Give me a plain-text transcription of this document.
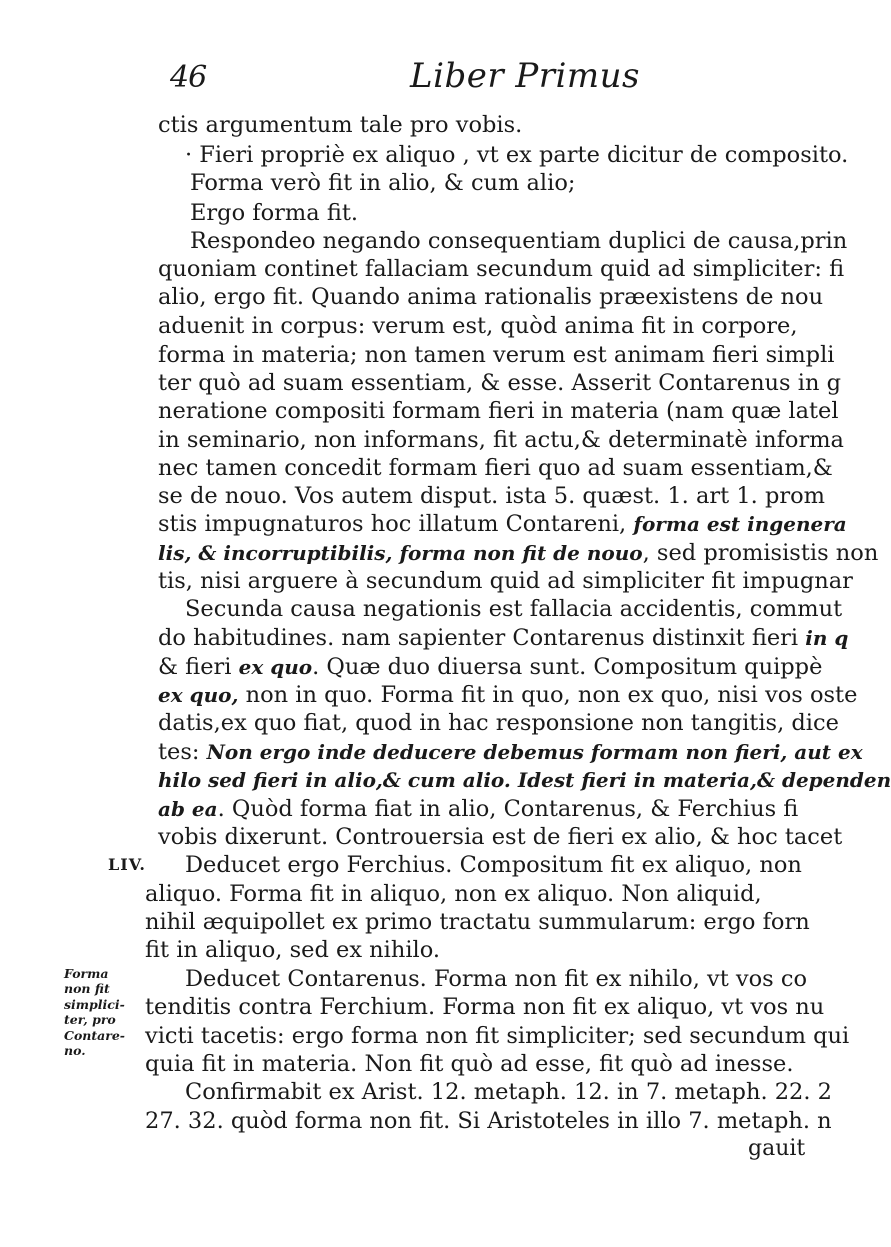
46	Liber Primus
ctis argumentum tale pro vobis.
· Fieri propriè ex aliquo , vt ex parte dicitur de composito.
Forma verò fit in alio, & cum alio;
Ergo forma fit.
Respondeo negando consequentiam duplici de causa,prin
quoniam continet fallaciam secundum quid ad simpliciter: fi
alio, ergo fit. Quando anima rationalis præexistens de nou
aduenit in corpus: verum est, quòd anima fit in corpore,
forma in materia; non tamen verum est animam fieri simpli
ter quò ad suam essentiam, & esse. Asserit Contarenus in g
neratione compositi formam fieri in materia (nam quæ latel
in seminario, non informans, fit actu,& determinatè informa
nec tamen concedit formam fieri quo ad suam essentiam,&
se de nouo. Vos autem disput. ista 5. quæst. 1. art 1. prom
stis impugnaturos hoc illatum Contareni, forma est ingenera
lis, & incorruptibilis, forma non fit de nouo, sed promisistis non
tis, nisi arguere à secundum quid ad simpliciter fit impugnar
Secunda causa negationis est fallacia accidentis, commut
do habitudines. nam sapienter Contarenus distinxit fieri in q
& fieri ex quo. Quæ duo diuersa sunt. Compositum quippè
ex quo, non in quo. Forma fit in quo, non ex quo, nisi vos oste
datis,ex quo fiat, quod in hac responsione non tangitis, dice
tes: Non ergo inde deducere debemus formam non fieri, aut ex
hilo sed fieri in alio,& cum alio. Idest fieri in materia,& dependen
ab ea. Quòd forma fiat in alio, Contarenus, & Ferchius fi
vobis dixerunt. Controuersia est de fieri ex alio, & hoc tacet
LIV. Deducet ergo Ferchius. Compositum fit ex aliquo, non
aliquo. Forma fit in aliquo, non ex aliquo. Non aliquid,
nihil æquipollet ex primo tractatu summularum: ergo forn
fit in aliquo, sed ex nihilo.
Deducet Contarenus. Forma non fit ex nihilo, vt vos co
tenditis contra Ferchium. Forma non fit ex aliquo, vt vos nu
victi tacetis: ergo forma non fit simpliciter; sed secundum qui
quia fit in materia. Non fit quò ad esse, fit quò ad inesse.
Confirmabit ex Arist. 12. metaph. 12. in 7. metaph. 22. 2
27. 32. quòd forma non fit. Si Aristoteles in illo 7. metaph. n
Forma
non fit
simplici-
ter, pro
Contare-
no.
gauit
